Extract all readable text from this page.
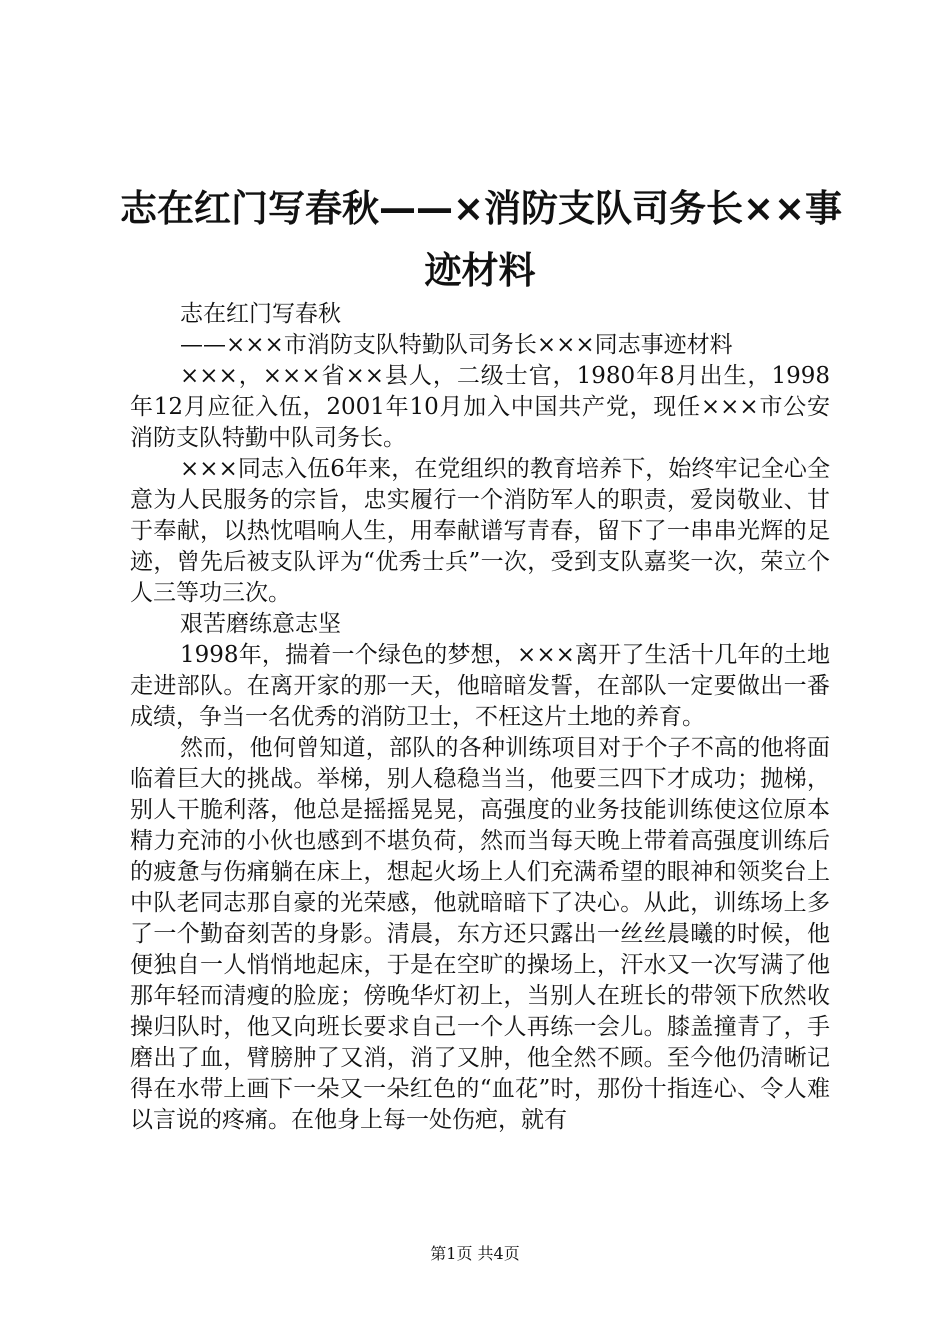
志在红门写春秋——×消防支队司务长××事
迹材料

志在红门写春秋

——×××市消防支队特勤队司务长×××同志事迹材料

×××，×××省××县人，二级士官，1980年8月出生，1998年12月应征入伍，2001年10月加入中国共产党，现任×××市公安消防支队特勤中队司务长。

×××同志入伍6年来，在党组织的教育培养下，始终牢记全心全意为人民服务的宗旨，忠实履行一个消防军人的职责，爱岗敬业、甘于奉献，以热忱唱响人生，用奉献谱写青春，留下了一串串光辉的足迹，曾先后被支队评为“优秀士兵”一次，受到支队嘉奖一次，荣立个人三等功三次。

艰苦磨练意志坚

1998年，揣着一个绿色的梦想，×××离开了生活十几年的土地走进部队。在离开家的那一天，他暗暗发誓，在部队一定要做出一番成绩，争当一名优秀的消防卫士，不枉这片土地的养育。

然而，他何曾知道，部队的各种训练项目对于个子不高的他将面临着巨大的挑战。举梯，别人稳稳当当，他要三四下才成功；抛梯，别人干脆利落，他总是摇摇晃晃，高强度的业务技能训练使这位原本精力充沛的小伙也感到不堪负荷，然而当每天晚上带着高强度训练后的疲惫与伤痛躺在床上，想起火场上人们充满希望的眼神和领奖台上中队老同志那自豪的光荣感，他就暗暗下了决心。从此，训练场上多了一个勤奋刻苦的身影。清晨，东方还只露出一丝丝晨曦的时候，他便独自一人悄悄地起床，于是在空旷的操场上，汗水又一次写满了他那年轻而清瘦的脸庞；傍晚华灯初上，当别人在班长的带领下欣然收操归队时，他又向班长要求自己一个人再练一会儿。膝盖撞青了，手磨出了血，臂膀肿了又消，消了又肿，他全然不顾。至今他仍清晰记得在水带上画下一朵又一朵红色的“血花”时，那份十指连心、令人难以言说的疼痛。在他身上每一处伤疤，就有

第1页 共4页
